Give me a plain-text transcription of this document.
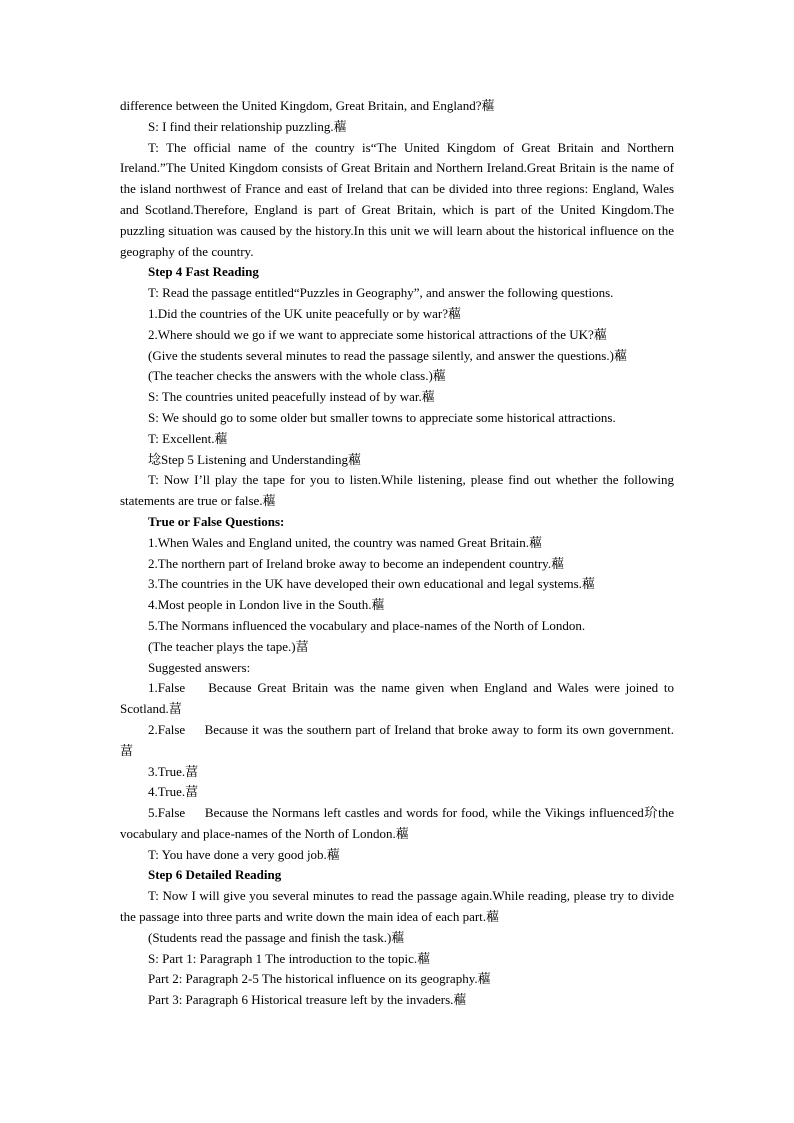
difference between the United Kingdom, Great Britain, and England?藲

S: I find their relationship puzzling.藲

T: The official name of the country is“The United Kingdom of Great Britain and Northern Ireland.”The United Kingdom consists of Great Britain and Northern Ireland.Great Britain is the name of the island northwest of France and east of Ireland that can be divided into three regions: England, Wales and Scotland.Therefore, England is part of Great Britain, which is part of the United Kingdom.The puzzling situation was caused by the history.In this unit we will learn about the historical influence on the geography of the country.

Step 4 Fast Reading

T: Read the passage entitled“Puzzles in Geography”, and answer the following questions.

1.Did the countries of the UK unite peacefully or by war?藲

2.Where should we go if we want to appreciate some historical attractions of the UK?藲

(Give the students several minutes to read the passage silently, and answer the questions.)藲

(The teacher checks the answers with the whole class.)藲

S: The countries united peacefully instead of by war.藲

S: We should go to some older but smaller towns to appreciate some historical attractions.

T: Excellent.藲

埝Step 5 Listening and Understanding藲

T: Now I’ll play the tape for you to listen.While listening, please find out whether the following statements are true or false.藲

True or False Questions:

1.When Wales and England united, the country was named Great Britain.藲

2.The northern part of Ireland broke away to become an independent country.藲

3.The countries in the UK have developed their own educational and legal systems.藲

4.Most people in London live in the South.藲

5.The Normans influenced the vocabulary and place-names of the North of London.

(The teacher plays the tape.)葍

Suggested answers:

1.False    Because Great Britain was the name given when England and Wales were joined to Scotland.葍

2.False     Because it was the southern part of Ireland that broke away to form its own government.葍

3.True.葍

4.True.葍

5.False     Because the Normans left castles and words for food, while the Vikings influenced玠the vocabulary and place-names of the North of London.藲

T: You have done a very good job.藲

Step 6 Detailed Reading

T: Now I will give you several minutes to read the passage again.While reading, please try to divide the passage into three parts and write down the main idea of each part.藲

(Students read the passage and finish the task.)藲

S: Part 1: Paragraph 1 The introduction to the topic.藲

Part 2: Paragraph 2-5 The historical influence on its geography.藲

Part 3: Paragraph 6 Historical treasure left by the invaders.藲
